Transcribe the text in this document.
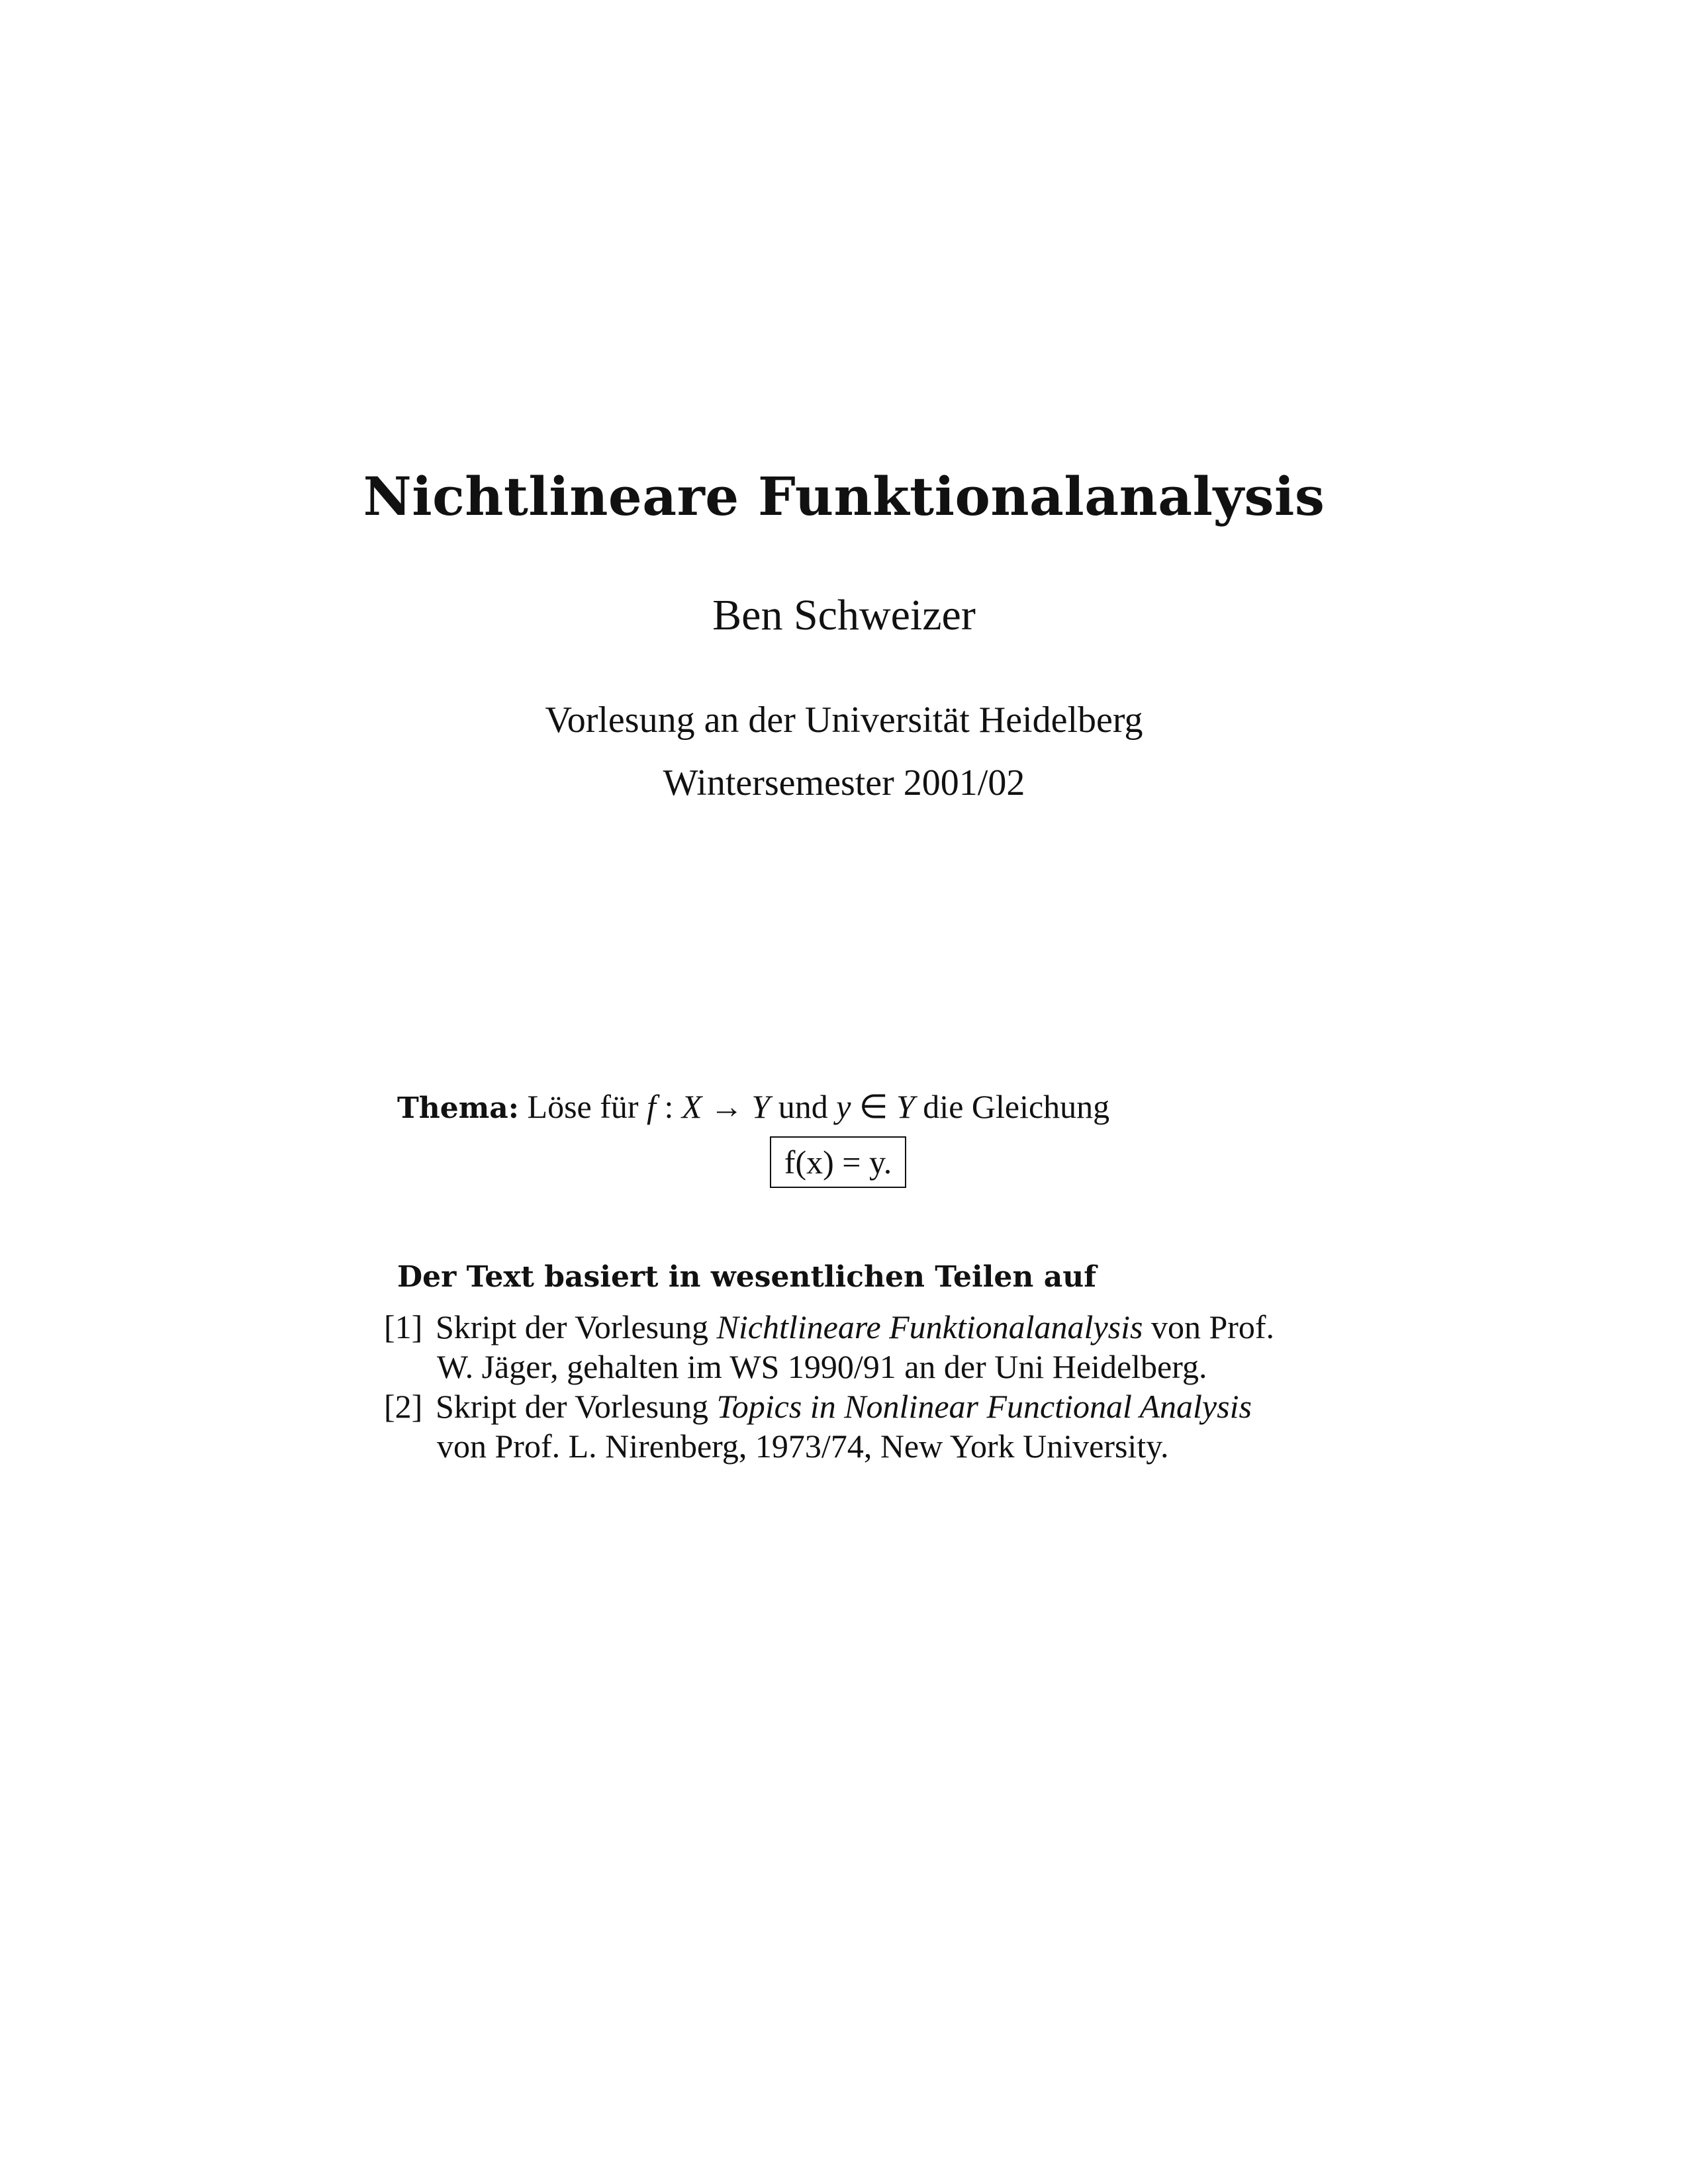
Nichtlineare Funktionalanalysis
Ben Schweizer
Vorlesung an der Universität Heidelberg
Wintersemester 2001/02
Thema: Löse für f : X → Y und y ∈ Y die Gleichung
f(x) = y.
Der Text basiert in wesentlichen Teilen auf
[1] Skript der Vorlesung Nichtlineare Funktionalanalysis von Prof.
W. Jäger, gehalten im WS 1990/91 an der Uni Heidelberg.
[2] Skript der Vorlesung Topics in Nonlinear Functional Analysis
von Prof. L. Nirenberg, 1973/74, New York University.
